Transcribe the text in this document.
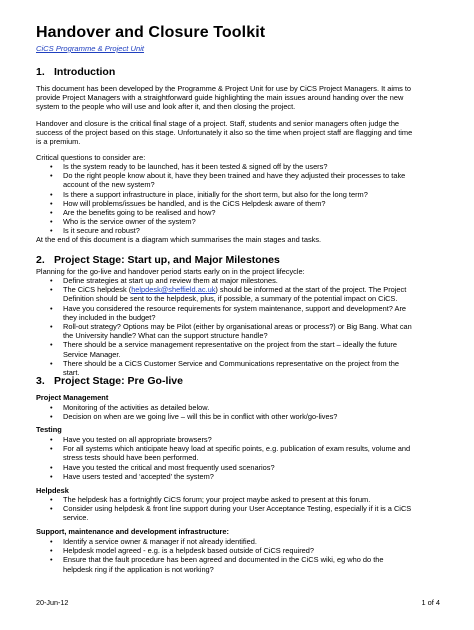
Handover and Closure Toolkit
CiCS Programme & Project Unit
1. Introduction
This document has been developed by the Programme & Project Unit for use by CiCS Project Managers. It aims to
provide Project Managers with a straightforward guide highlighting the main issues around handing over the new
system to the people who will use and look after it, and then closing the project.
Handover and closure is the critical final stage of a project. Staff, students and senior managers often judge the
success of the project based on this stage. Unfortunately it also so the time when project staff are flagging and time
is a premium.
Critical questions to consider are:
• Is the system ready to be launched, has it been tested & signed off by the users?
• Do the right people know about it, have they been trained and have they adjusted their processes to take
account of the new system?
• Is there a support infrastructure in place, initially for the short term, but also for the long term?
• How will problems/issues be handled, and is the CiCS Helpdesk aware of them?
• Are the benefits going to be realised and how?
• Who is the service owner of the system?
• Is it secure and robust?
At the end of this document is a diagram which summarises the main stages and tasks.
2. Project Stage: Start up, and Major Milestones
Planning for the go-live and handover period starts early on in the project lifecycle:
• Define strategies at start up and review them at major milestones.
• The CiCS helpdesk (helpdesk@sheffield.ac.uk) should be informed at the start of the project. The Project
Definition should be sent to the helpdesk, plus, if possible, a summary of the potential impact on CiCS.
• Have you considered the resource requirements for system maintenance, support and development? Are
they included in the budget?
• Roll-out strategy? Options may be Pilot (either by organisational areas or process?) or Big Bang. What can
the University handle? What can the support structure handle?
• There should be a service management representative on the project from the start – ideally the future
Service Manager.
• There should be a CiCS Customer Service and Communications representative on the project from the
start.
3. Project Stage: Pre Go-live
Project Management
• Monitoring of the activities as detailed below.
• Decision on when are we going live – will this be in conflict with other work/go-lives?
Testing
• Have you tested on all appropriate browsers?
• For all systems which anticipate heavy load at specific points, e.g. publication of exam results, volume and
stress tests should have been performed.
• Have you tested the critical and most frequently used scenarios?
• Have users tested and ‘accepted’ the system?
Helpdesk
• The helpdesk has a fortnightly CiCS forum; your project maybe asked to present at this forum.
• Consider using helpdesk & front line support during your User Acceptance Testing, especially if it is a CiCS
service.
Support, maintenance and development infrastructure:
• Identify a service owner & manager if not already identified.
• Helpdesk model agreed - e.g. is a helpdesk based outside of CiCS required?
• Ensure that the fault procedure has been agreed and documented in the CiCS wiki, eg who do the
helpdesk ring if the application is not working?
20-Jun-12	1 of 4
